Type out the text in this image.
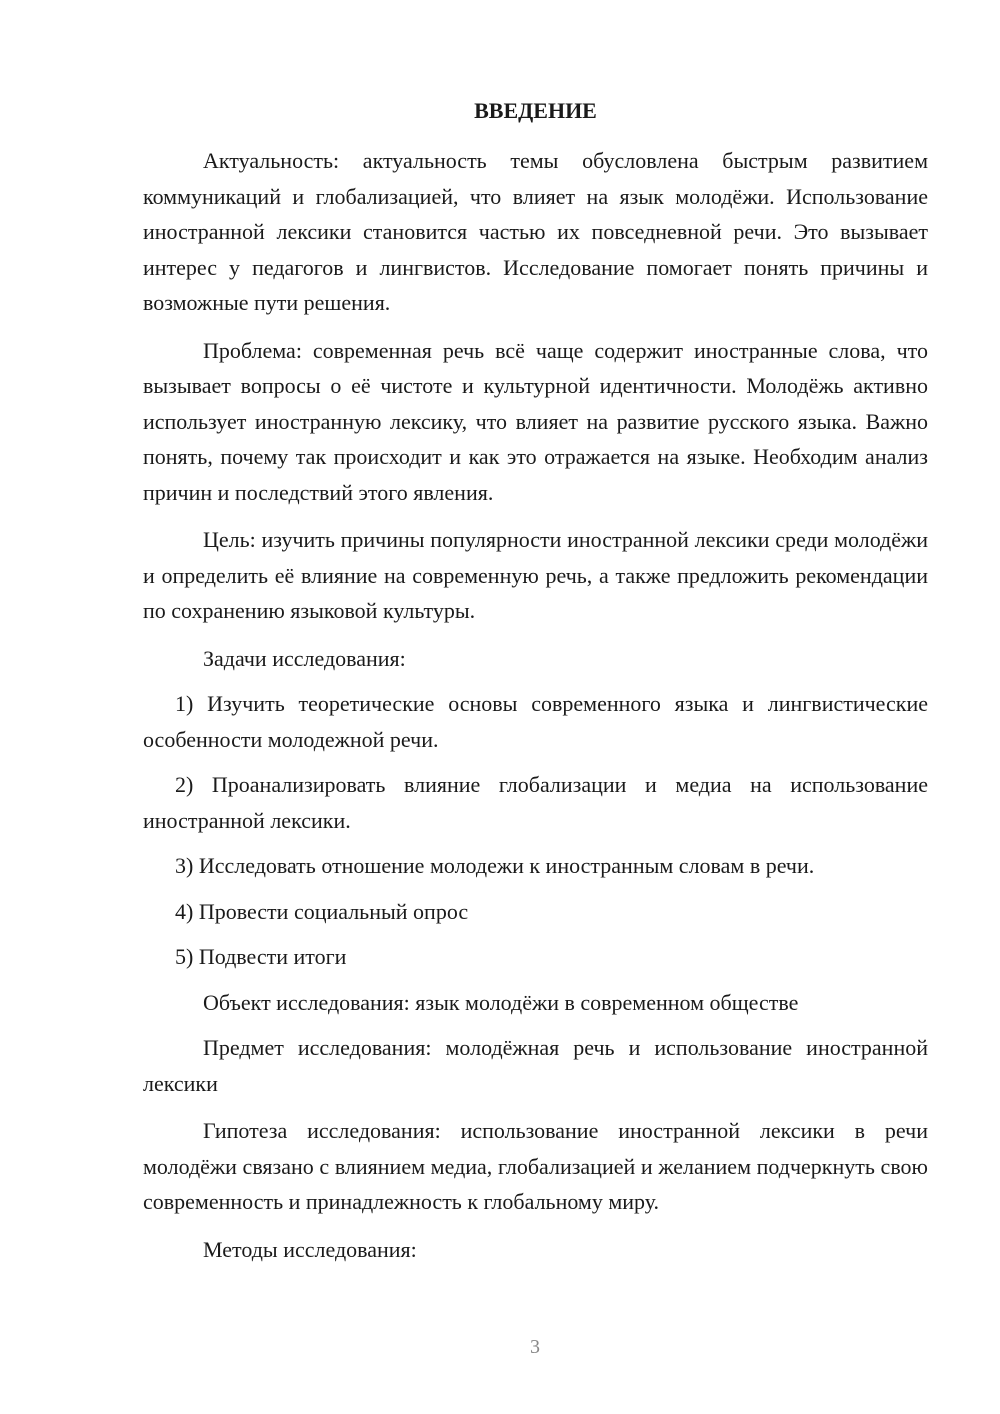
ВВЕДЕНИЕ

Актуальность: актуальность темы обусловлена быстрым развитием коммуникаций и глобализацией, что влияет на язык молодёжи. Использование иностранной лексики становится частью их повседневной речи. Это вызывает интерес у педагогов и лингвистов. Исследование помогает понять причины и возможные пути решения.

Проблема: современная речь всё чаще содержит иностранные слова, что вызывает вопросы о её чистоте и культурной идентичности. Молодёжь активно использует иностранную лексику, что влияет на развитие русского языка. Важно понять, почему так происходит и как это отражается на языке. Необходим анализ причин и последствий этого явления.

Цель: изучить причины популярности иностранной лексики среди молодёжи и определить её влияние на современную речь, а также предложить рекомендации по сохранению языковой культуры.

Задачи исследования:

1) Изучить теоретические основы современного языка и лингвистические особенности молодежной речи.

2) Проанализировать влияние глобализации и медиа на использование иностранной лексики.

3) Исследовать отношение молодежи к иностранным словам в речи.

4) Провести социальный опрос

5) Подвести итоги

Объект исследования: язык молодёжи в современном обществе

Предмет исследования: молодёжная речь и использование иностранной лексики

Гипотеза исследования: использование иностранной лексики в речи молодёжи связано с влиянием медиа, глобализацией и желанием подчеркнуть свою современность и принадлежность к глобальному миру.

Методы исследования:

3
